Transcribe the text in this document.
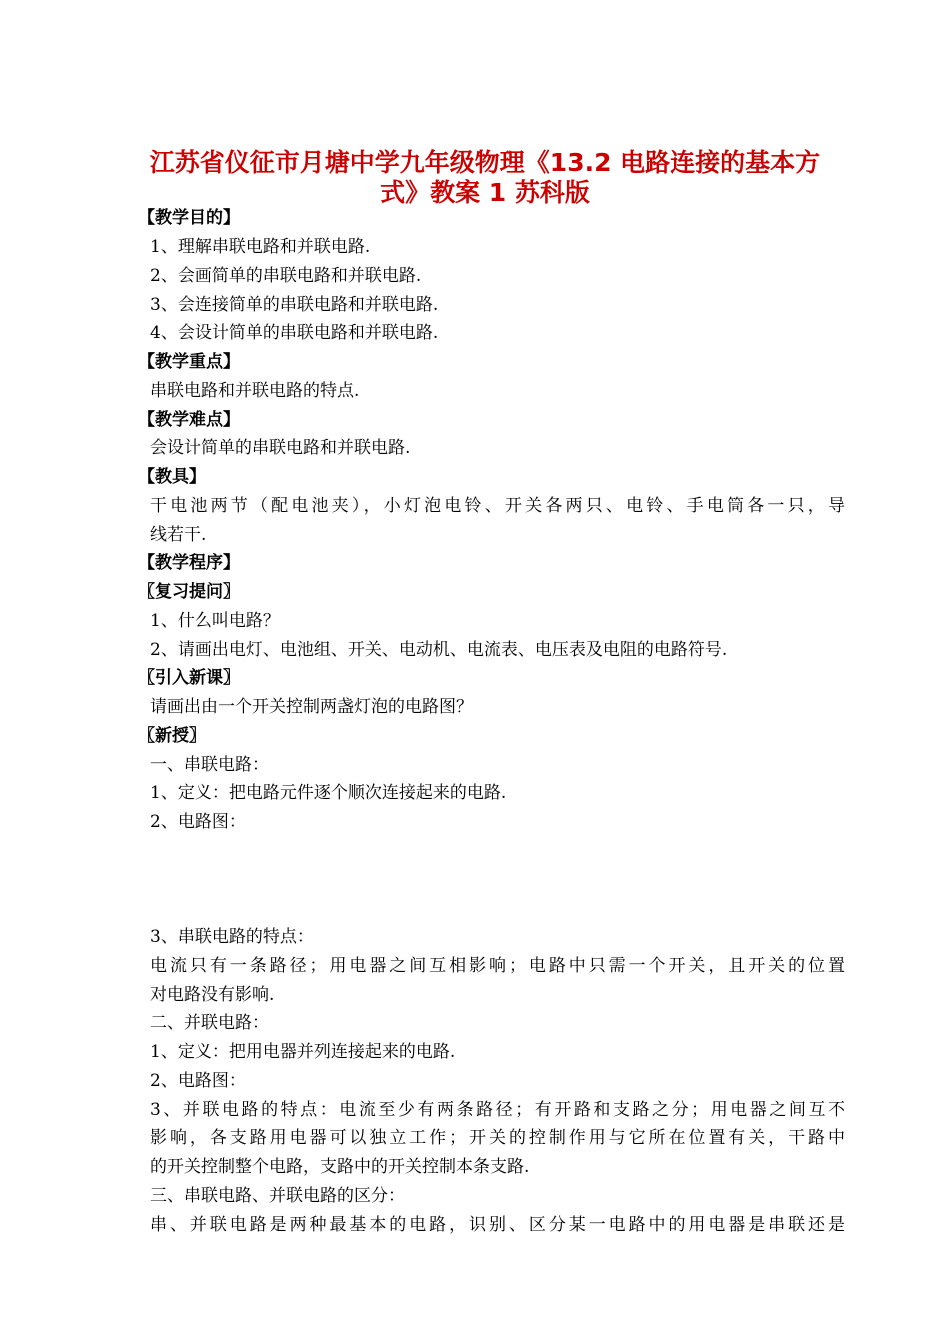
江苏省仪征市月塘中学九年级物理《13.2 电路连接的基本方
式》教案 1 苏科版
【教学目的】
1、理解串联电路和并联电路.
2、会画简单的串联电路和并联电路.
3、会连接简单的串联电路和并联电路.
4、会设计简单的串联电路和并联电路.
【教学重点】
串联电路和并联电路的特点.
【教学难点】
会设计简单的串联电路和并联电路.
【教具】
干电池两节（配电池夹），小灯泡电铃、开关各两只、电铃、手电筒各一只，导
线若干.
【教学程序】
〖复习提问〗
1、什么叫电路？
2、请画出电灯、电池组、开关、电动机、电流表、电压表及电阻的电路符号.
〖引入新课〗
请画出由一个开关控制两盏灯泡的电路图？
〖新授〗
一、串联电路：
1、定义：把电路元件逐个顺次连接起来的电路.
2、电路图：
3、串联电路的特点：
电流只有一条路径；用电器之间互相影响；电路中只需一个开关，且开关的位置
对电路没有影响.
二、并联电路：
1、定义：把用电器并列连接起来的电路.
2、电路图：
3、并联电路的特点：电流至少有两条路径；有开路和支路之分；用电器之间互不
影响，各支路用电器可以独立工作；开关的控制作用与它所在位置有关，干路中
的开关控制整个电路，支路中的开关控制本条支路.
三、串联电路、并联电路的区分：
串、并联电路是两种最基本的电路，识别、区分某一电路中的用电器是串联还是
